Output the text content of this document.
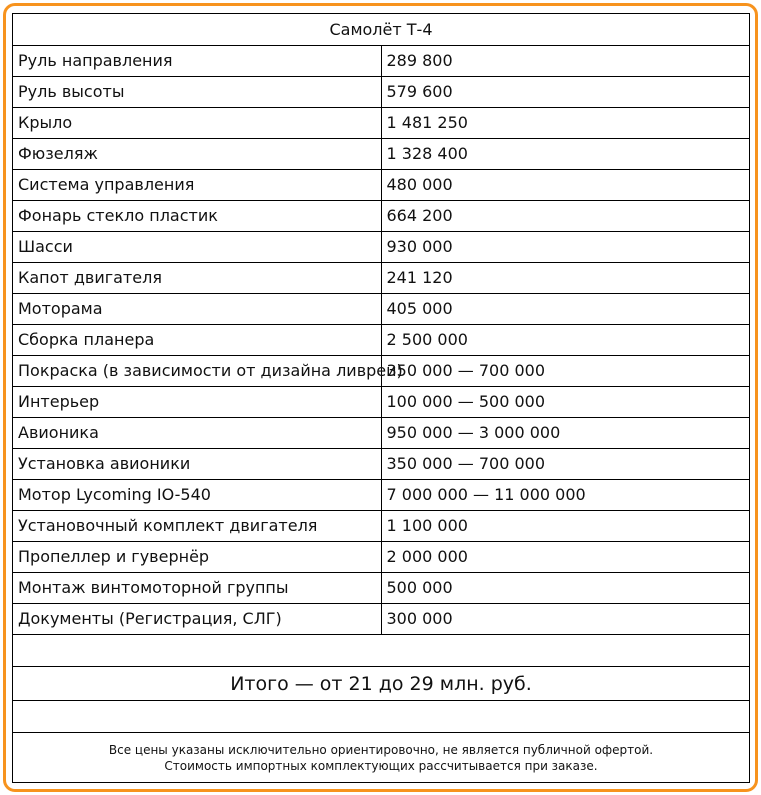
Самолёт Т-4	
Руль направления	289 800
Руль высоты	579 600
Крыло	1 481 250
Фюзеляж	1 328 400
Система управления	480 000
Фонарь стекло пластик	664 200
Шасси	930 000
Капот двигателя	241 120
Моторама	405 000
Сборка планера	2 500 000
Покраска (в зависимости от дизайна ливреи)	350 000 — 700 000
Интерьер	100 000 — 500 000
Авионика	950 000 — 3 000 000
Установка авионики	350 000 — 700 000
Мотор Lycoming IO-540	7 000 000 — 11 000 000
Установочный комплект двигателя	1 100 000
Пропеллер и гувернёр	2 000 000
Монтаж винтомоторной группы	500 000
Документы (Регистрация, СЛГ)	300 000

Итого — от 21 до 29 млн. руб.	

Все цены указаны исключительно ориентировочно, не является публичной офертой.
Стоимость импортных комплектующих рассчитывается при заказе.	
